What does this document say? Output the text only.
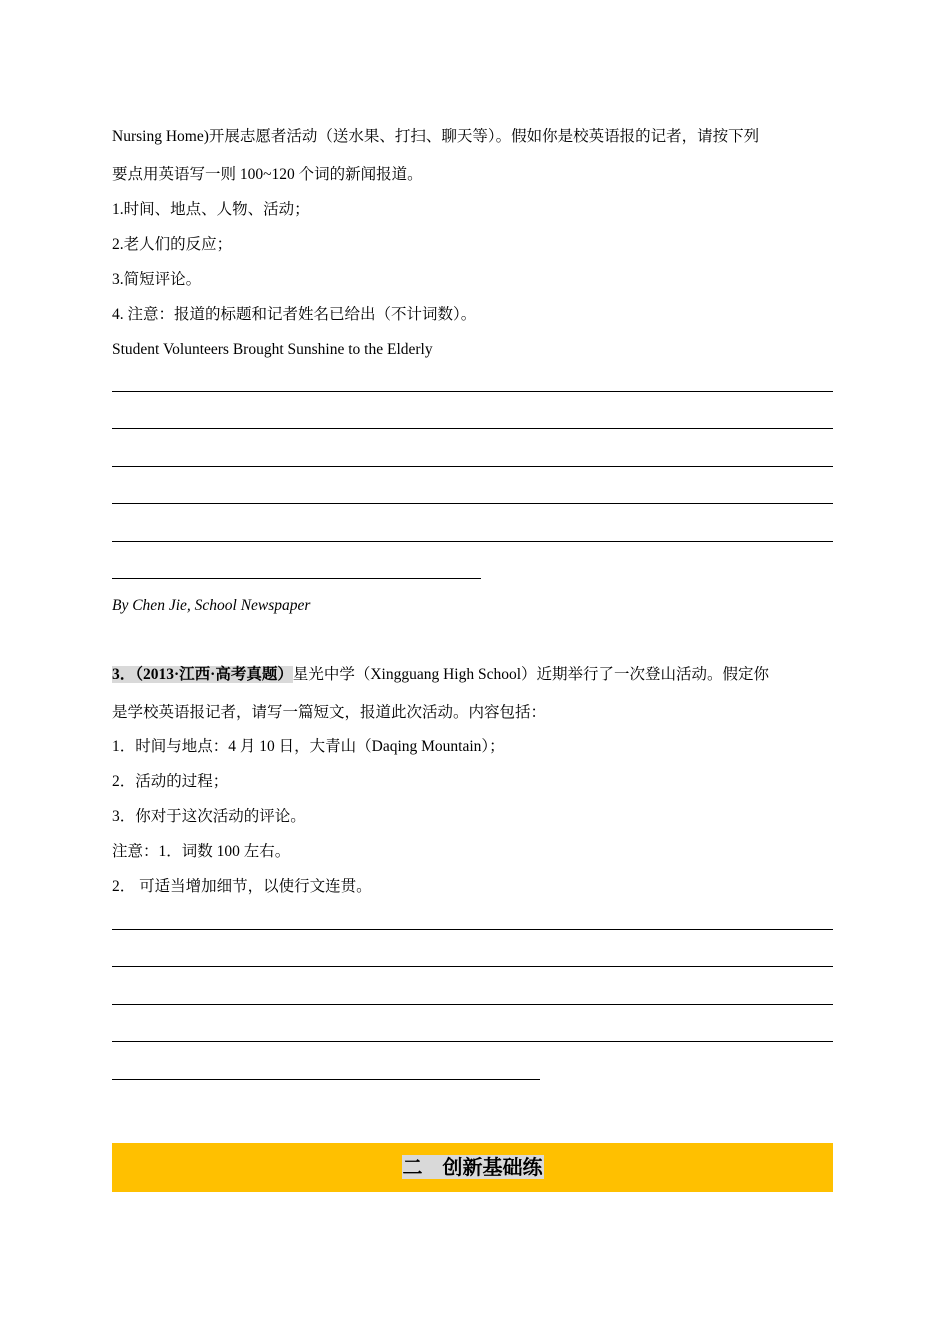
Nursing Home)开展志愿者活动（送水果、打扫、聊天等）。假如你是校英语报的记者，请按下列
要点用英语写一则 100~120 个词的新闻报道。
1.时间、地点、人物、活动；
2.老人们的反应；
3.简短评论。
4. 注意：报道的标题和记者姓名已给出（不计词数）。
Student Volunteers Brought Sunshine to the Elderly
By Chen Jie, School Newspaper
3．（2013·江西·高考真题）星光中学（Xingguang High School）近期举行了一次登山活动。假定你
是学校英语报记者，请写一篇短文，报道此次活动。内容包括：
1．时间与地点：4 月 10 日，大青山（Daqing Mountain）；
2．活动的过程；
3．你对于这次活动的评论。
注意：1．词数 100 左右。
2． 可适当增加细节，以使行文连贯。
二　创新基础练
